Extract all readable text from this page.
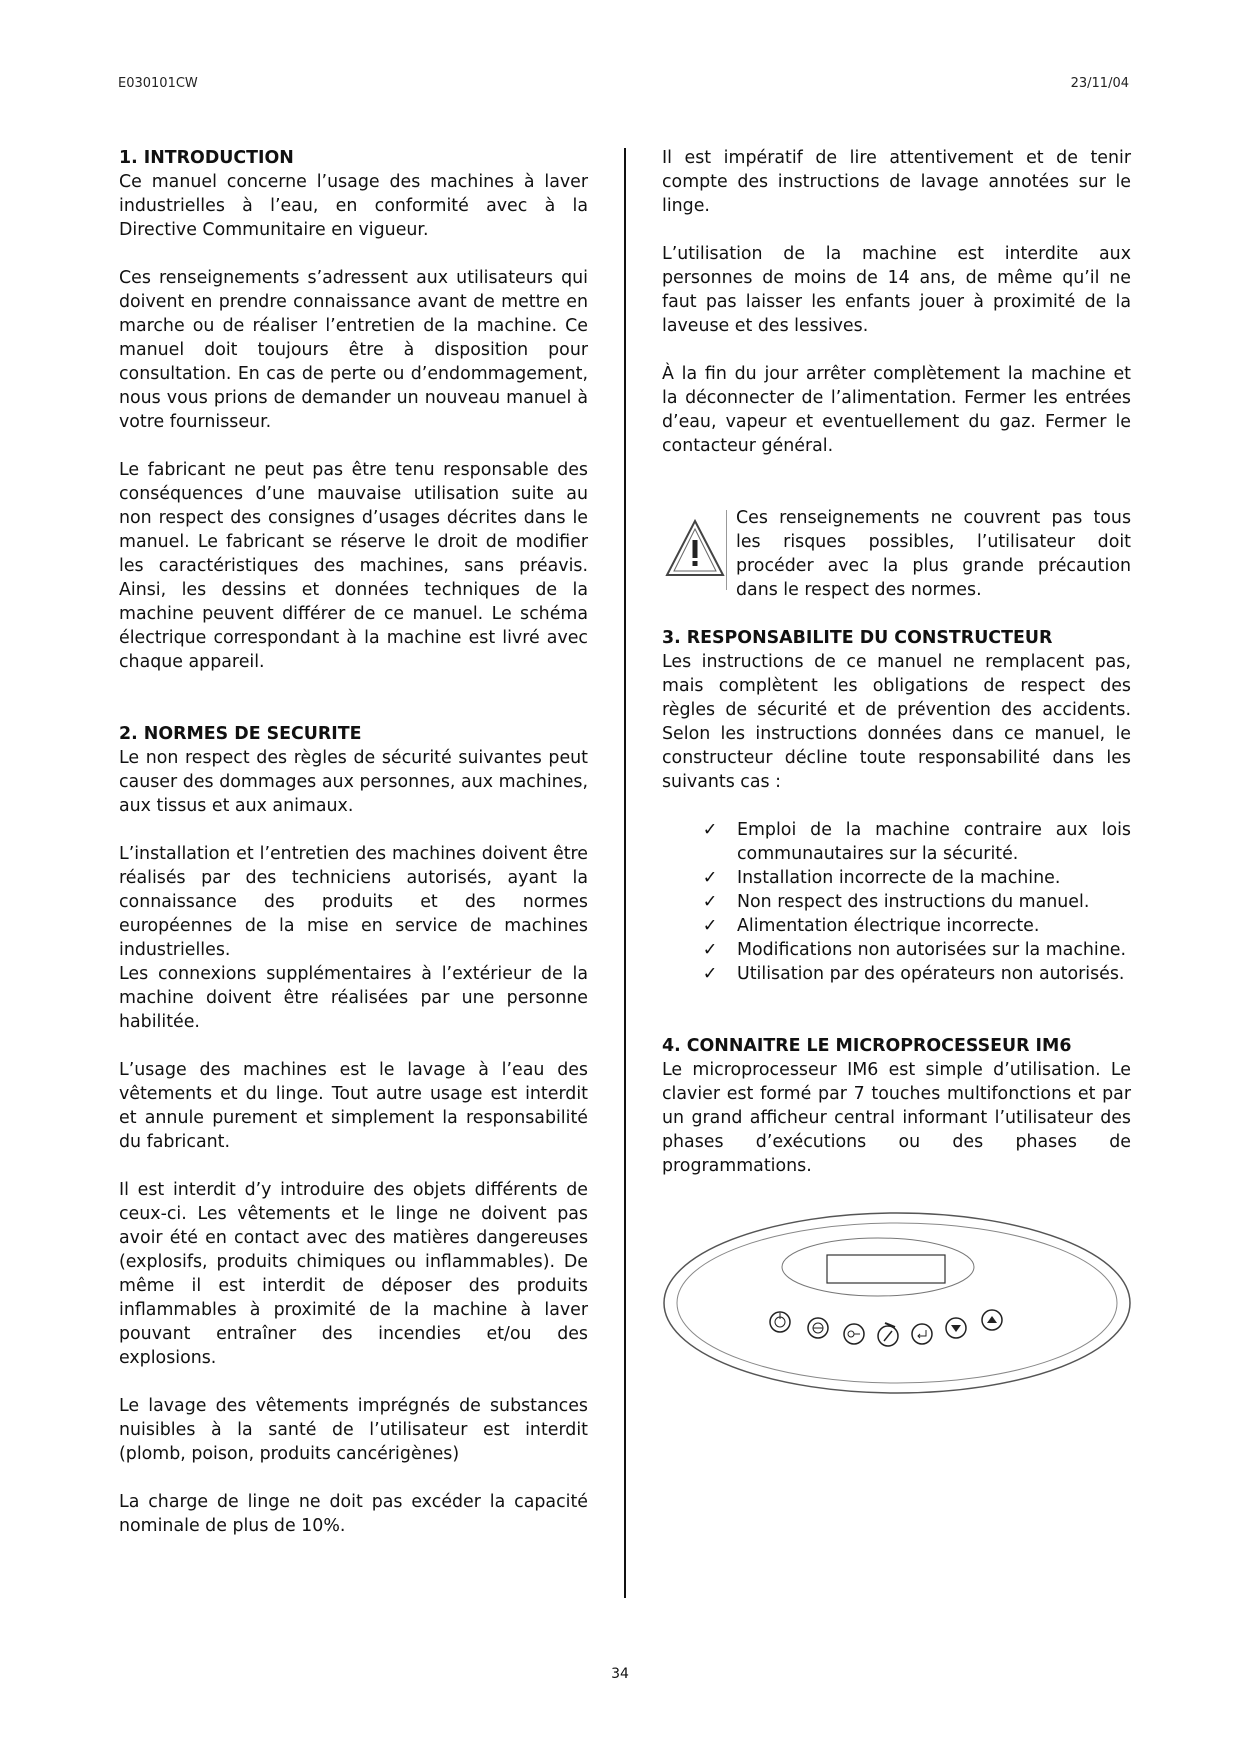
E030101CW	23/11/04
1. INTRODUCTION

Ce manuel concerne l’usage des machines à laver industrielles à l’eau, en conformité avec à la Directive Communitaire en vigueur.

Ces renseignements s’adressent aux utilisateurs qui doivent en prendre connaissance avant de mettre en marche ou de réaliser l’entretien de la machine. Ce manuel doit toujours être à disposition pour consultation. En cas de perte ou d’endommagement, nous vous prions de demander un nouveau manuel à votre fournisseur.

Le fabricant ne peut pas être tenu responsable des conséquences d’une mauvaise utilisation suite au non respect des consignes d’usages décrites dans le manuel. Le fabricant se réserve le droit de modifier les caractéristiques des machines, sans préavis. Ainsi, les dessins et données techniques de la machine peuvent différer de ce manuel. Le schéma électrique correspondant à la machine est livré avec chaque appareil.

2. NORMES DE SECURITE

Le non respect des règles de sécurité suivantes peut causer des dommages aux personnes, aux machines, aux tissus et aux animaux.

L’installation et l’entretien des machines doivent être réalisés par des techniciens autorisés, ayant la connaissance des produits et des normes européennes de la mise en service de machines industrielles.

Les connexions supplémentaires à l’extérieur de la machine doivent être réalisées par une personne habilitée.

L’usage des machines est le lavage à l’eau des vêtements et du linge. Tout autre usage est interdit et annule purement et simplement la responsabilité du fabricant.

Il est interdit d’y introduire des objets différents de ceux-ci. Les vêtements et le linge ne doivent pas avoir été en contact avec des matières dangereuses (explosifs, produits chimiques ou inflammables). De même il est interdit de déposer des produits inflammables à proximité de la machine à laver pouvant entraîner des incendies et/ou des explosions.

Le lavage des vêtements imprégnés de substances nuisibles à la santé de l’utilisateur est interdit (plomb, poison, produits cancérigènes)

La charge de linge ne doit pas excéder la capacité nominale de plus de 10%.

Il est impératif de lire attentivement et de tenir compte des instructions de lavage annotées sur le linge.

L’utilisation de la machine est interdite aux personnes de moins de 14 ans, de même qu’il ne faut pas laisser les enfants jouer à proximité de la laveuse et des lessives.

À la fin du jour arrêter complètement la machine et la déconnecter de l’alimentation. Fermer les entrées d’eau, vapeur et eventuellement du gaz. Fermer le contacteur général.

Ces renseignements ne couvrent pas tous les risques possibles, l’utilisateur doit procéder avec la plus grande précaution dans le respect des normes.

3. RESPONSABILITE DU CONSTRUCTEUR

Les instructions de ce manuel ne remplacent pas, mais complètent les obligations de respect des règles de sécurité et de prévention des accidents. Selon les instructions données dans ce manuel, le constructeur décline toute responsabilité dans les suivants cas :

✓ Emploi de la machine contraire aux lois communautaires sur la sécurité.
✓ Installation incorrecte de la machine.
✓ Non respect des instructions du manuel.
✓ Alimentation électrique incorrecte.
✓ Modifications non autorisées sur la machine.
✓ Utilisation par des opérateurs non autorisés.
4. CONNAITRE LE MICROPROCESSEUR IM6

Le microprocesseur IM6 est simple d’utilisation. Le clavier est formé par 7 touches multifonctions et par un grand afficheur central informant l’utilisateur des phases d’exécutions ou des phases de programmations.

34
